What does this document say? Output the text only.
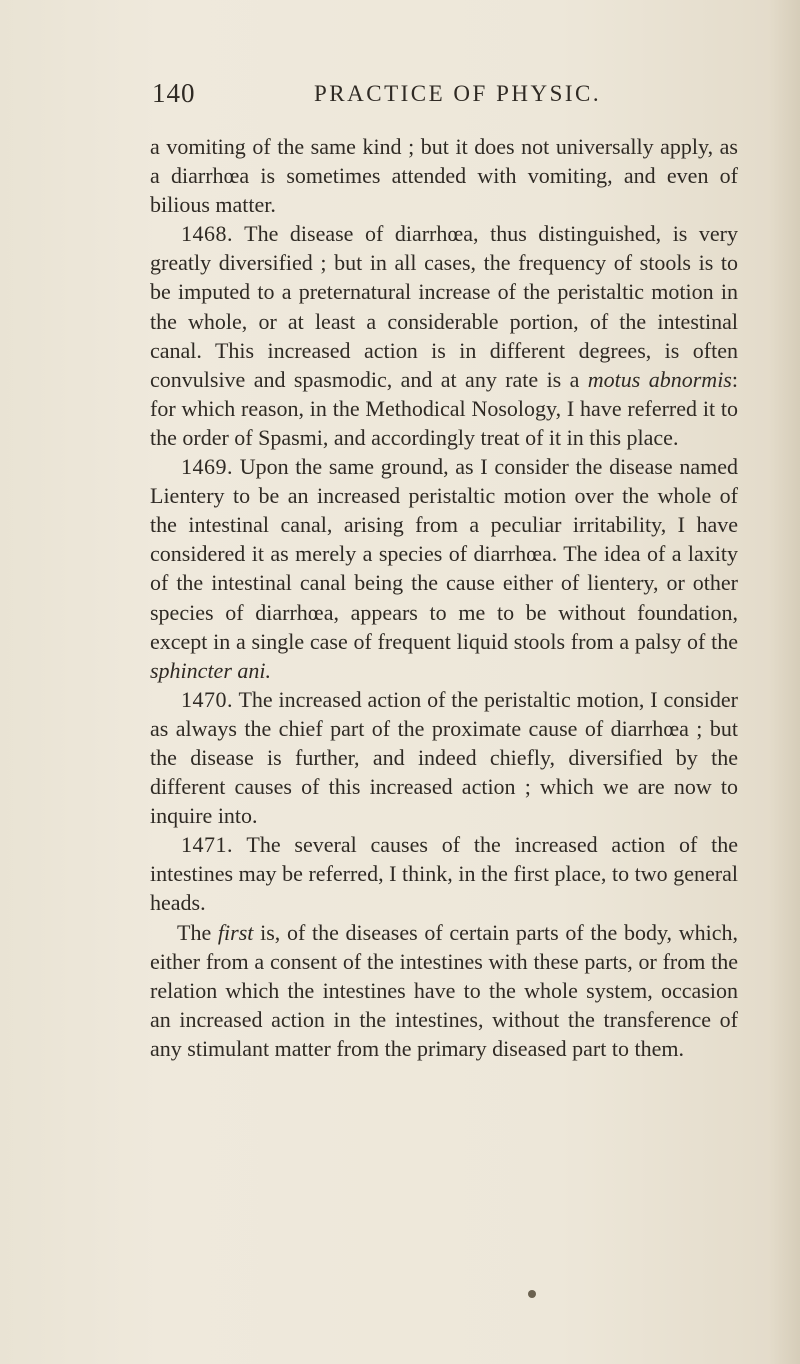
140	PRACTICE OF PHYSIC.

a vomiting of the same kind ; but it does not universally apply, as a diarrhœa is sometimes attended with vomiting, and even of bilious matter.

1468. The disease of diarrhœa, thus distinguished, is very greatly diversified ; but in all cases, the frequency of stools is to be imputed to a preternatural increase of the peristaltic motion in the whole, or at least a considerable portion, of the intestinal canal. This increased action is in different degrees, is often convulsive and spasmodic, and at any rate is a motus abnormis: for which reason, in the Methodical Nosology, I have referred it to the order of Spasmi, and accordingly treat of it in this place.

1469. Upon the same ground, as I consider the disease named Lientery to be an increased peristaltic motion over the whole of the intestinal canal, arising from a peculiar irritability, I have considered it as merely a species of diarrhœa. The idea of a laxity of the intestinal canal being the cause either of lientery, or other species of diarrhœa, appears to me to be without foundation, except in a single case of frequent liquid stools from a palsy of the sphincter ani.

1470. The increased action of the peristaltic motion, I consider as always the chief part of the proximate cause of diarrhœa ; but the disease is further, and indeed chiefly, diversified by the different causes of this increased action ; which we are now to inquire into.

1471. The several causes of the increased action of the intestines may be referred, I think, in the first place, to two general heads.

The first is, of the diseases of certain parts of the body, which, either from a consent of the intestines with these parts, or from the relation which the intestines have to the whole system, occasion an increased action in the intestines, without the transference of any stimulant matter from the primary diseased part to them.
